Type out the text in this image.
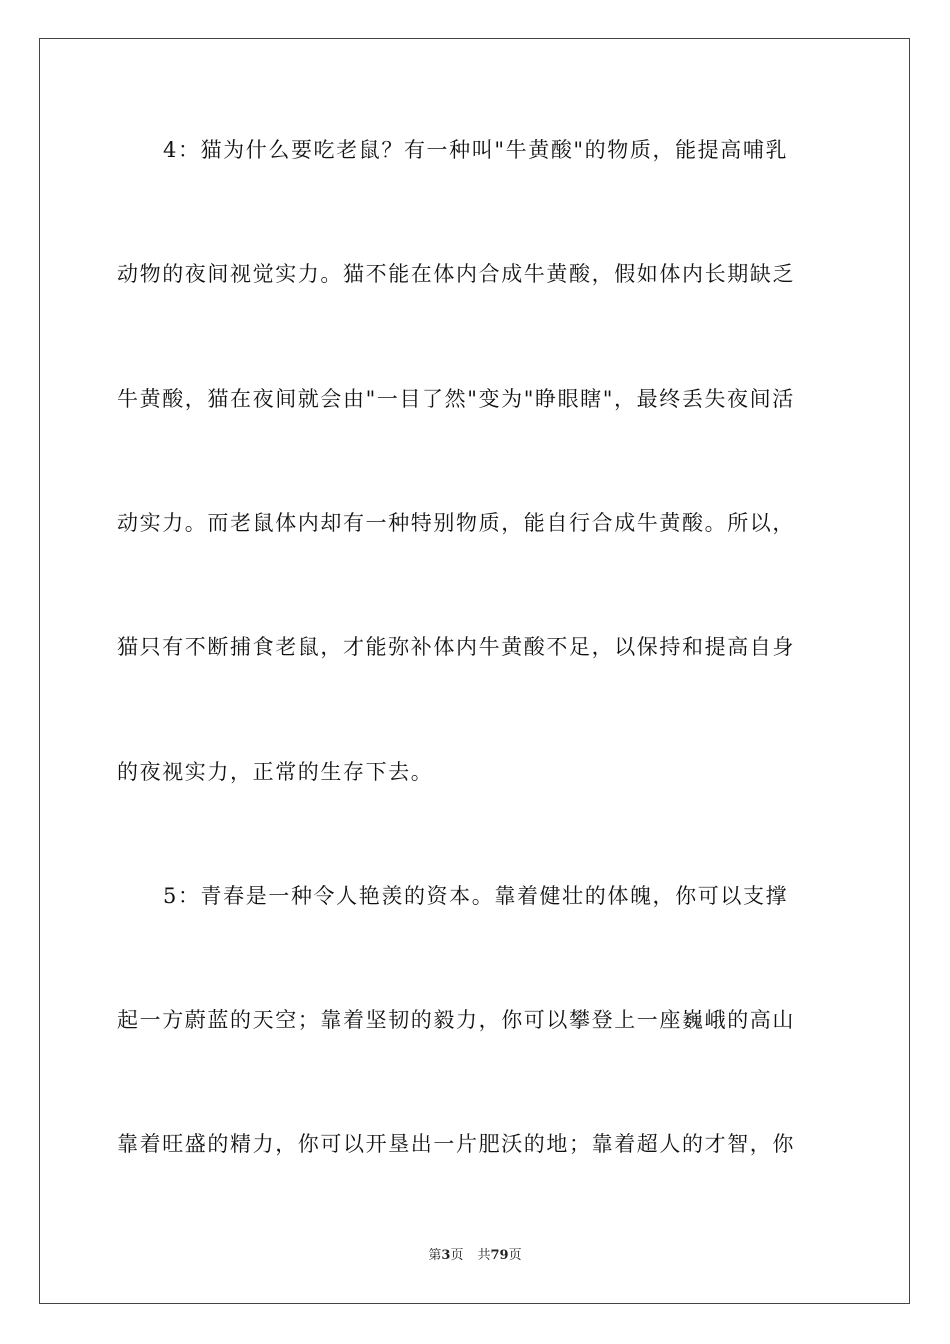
4：猫为什么要吃老鼠？有一种叫"牛黄酸"的物质，能提高哺乳
动物的夜间视觉实力。猫不能在体内合成牛黄酸，假如体内长期缺乏
牛黄酸，猫在夜间就会由"一目了然"变为"睁眼瞎"，最终丢失夜间活
动实力。而老鼠体内却有一种特别物质，能自行合成牛黄酸。所以，
猫只有不断捕食老鼠，才能弥补体内牛黄酸不足，以保持和提高自身
的夜视实力，正常的生存下去。
5：青春是一种令人艳羡的资本。靠着健壮的体魄，你可以支撑
起一方蔚蓝的天空；靠着坚韧的毅力，你可以攀登上一座巍峨的高山
靠着旺盛的精力，你可以开垦出一片肥沃的地；靠着超人的才智，你
第3页 共79页
